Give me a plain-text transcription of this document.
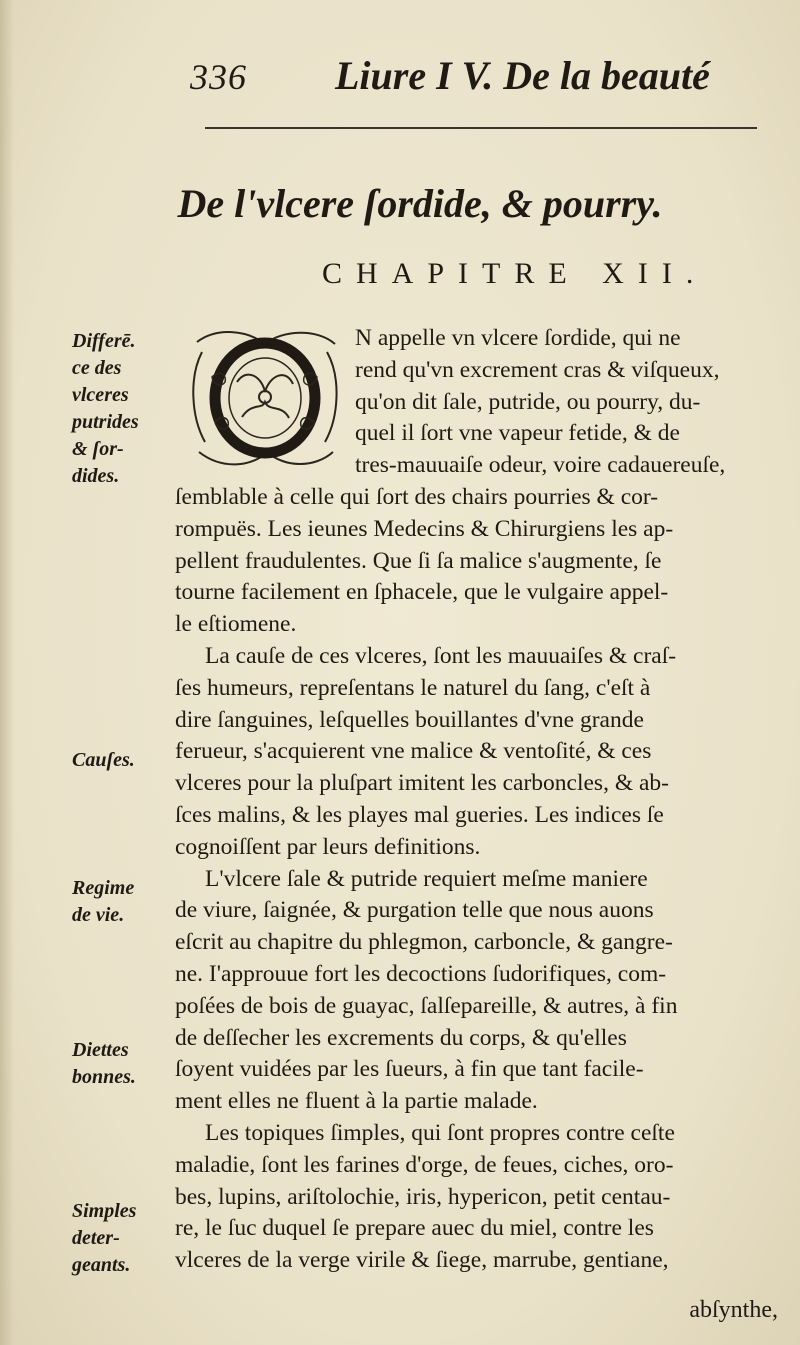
336 Liure I V. De la beauté
De l'vlcere ſordide, & pourry.
CHAPITRE XII.
Differē.
ce des
vlceres
putrides
& ſor-
dides.
Cauſes.
Regime
de vie.
Diettes
bonnes.
Simples
deter-
geants.
N appelle vn vlcere ſordide, qui ne
rend qu'vn excrement cras & viſqueux,
qu'on dit ſale, putride, ou pourry, du-
quel il ſort vne vapeur fetide, & de
tres-mauuaiſe odeur, voire cadauereuſe,
ſemblable à celle qui ſort des chairs pourries & cor-
rompuës. Les ieunes Medecins & Chirurgiens les ap-
pellent fraudulentes. Que ſi ſa malice s'augmente, ſe
tourne facilement en ſphacele, que le vulgaire appel-
le eſtiomene.
La cauſe de ces vlceres, ſont les mauuaiſes & craſ-
ſes humeurs, repreſentans le naturel du ſang, c'eſt à
dire ſanguines, leſquelles bouillantes d'vne grande
ferueur, s'acquierent vne malice & ventoſité, & ces
vlceres pour la pluſpart imitent les carboncles, & ab-
ſces malins, & les playes mal gueries. Les indices ſe
cognoiſſent par leurs definitions.
L'vlcere ſale & putride requiert meſme maniere
de viure, ſaignée, & purgation telle que nous auons
eſcrit au chapitre du phlegmon, carboncle, & gangre-
ne. I'approuue fort les decoctions ſudorifiques, com-
poſées de bois de guayac, ſalſepareille, & autres, à fin
de deſſecher les excrements du corps, & qu'elles
ſoyent vuidées par les ſueurs, à fin que tant facile-
ment elles ne fluent à la partie malade.
Les topiques ſimples, qui ſont propres contre ceſte
maladie, ſont les farines d'orge, de feues, ciches, oro-
bes, lupins, ariſtolochie, iris, hypericon, petit centau-
re, le ſuc duquel ſe prepare auec du miel, contre les
vlceres de la verge virile & ſiege, marrube, gentiane,
abſynthe,
